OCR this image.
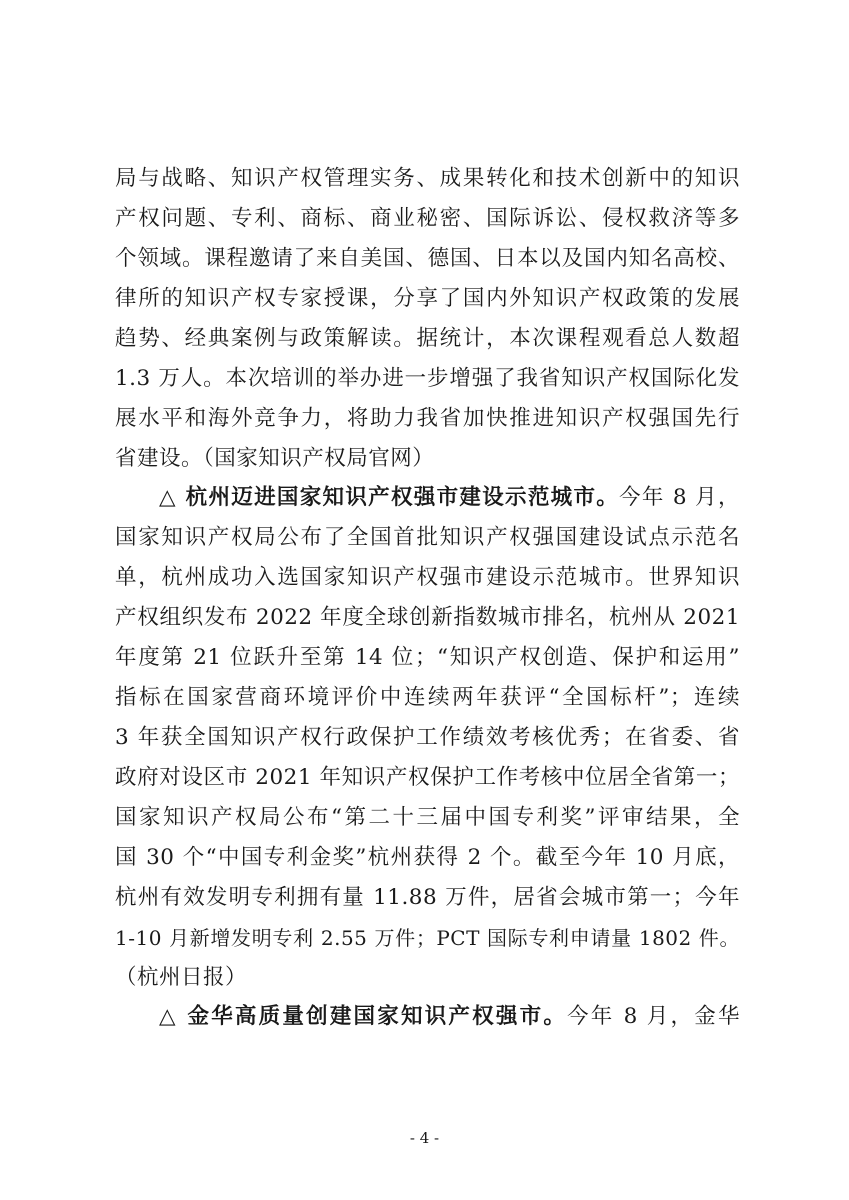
局与战略、知识产权管理实务、成果转化和技术创新中的知识
产权问题、专利、商标、商业秘密、国际诉讼、侵权救济等多
个领域。课程邀请了来自美国、德国、日本以及国内知名高校、
律所的知识产权专家授课，分享了国内外知识产权政策的发展
趋势、经典案例与政策解读。据统计，本次课程观看总人数超
1.3 万人。本次培训的举办进一步增强了我省知识产权国际化发
展水平和海外竞争力，将助力我省加快推进知识产权强国先行
省建设。（国家知识产权局官网）
△ 杭州迈进国家知识产权强市建设示范城市。今年 8 月，
国家知识产权局公布了全国首批知识产权强国建设试点示范名
单，杭州成功入选国家知识产权强市建设示范城市。世界知识
产权组织发布 2022 年度全球创新指数城市排名，杭州从 2021
年度第 21 位跃升至第 14 位；“知识产权创造、保护和运用”
指标在国家营商环境评价中连续两年获评“全国标杆”；连续
3 年获全国知识产权行政保护工作绩效考核优秀；在省委、省
政府对设区市 2021 年知识产权保护工作考核中位居全省第一；
国家知识产权局公布“第二十三届中国专利奖”评审结果，全
国 30 个“中国专利金奖”杭州获得 2 个。截至今年 10 月底，
杭州有效发明专利拥有量 11.88 万件，居省会城市第一；今年
1-10 月新增发明专利 2.55 万件；PCT 国际专利申请量 1802 件。
（杭州日报）
△ 金华高质量创建国家知识产权强市。今年 8 月，金华
- 4 -
